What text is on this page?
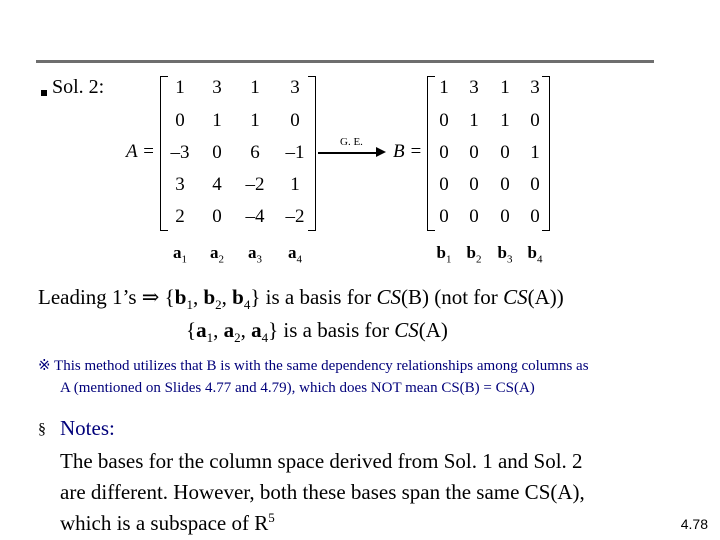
Sol. 2:
A =
1	3	1	3
0	1	1	0
–3	0	6	–1
3	4	–2	1
2	0	–4	–2
$a_1$ $a_2$ $a_3$ $a_4$
G. E. B =
1	3	1	3
0	1	1	0
0	0	0	1
0	0	0	0
0	0	0	0
$b_1$ $b_2$ $b_3$ $b_4$
Leading 1’s ⇒ {$b_1$, $b_2$, $b_4$} is a basis for CS(B) (not for CS(A))
{$a_1$, $a_2$, $a_4$} is a basis for CS(A)
※ This method utilizes that B is with the same dependency relationships among columns as
A (mentioned on Slides 4.77 and 4.79), which does NOT mean CS(B) = CS(A)
§ Notes:
The bases for the column space derived from Sol. 1 and Sol. 2
are different. However, both these bases span the same CS(A),
which is a subspace of $R^5$	4.78
